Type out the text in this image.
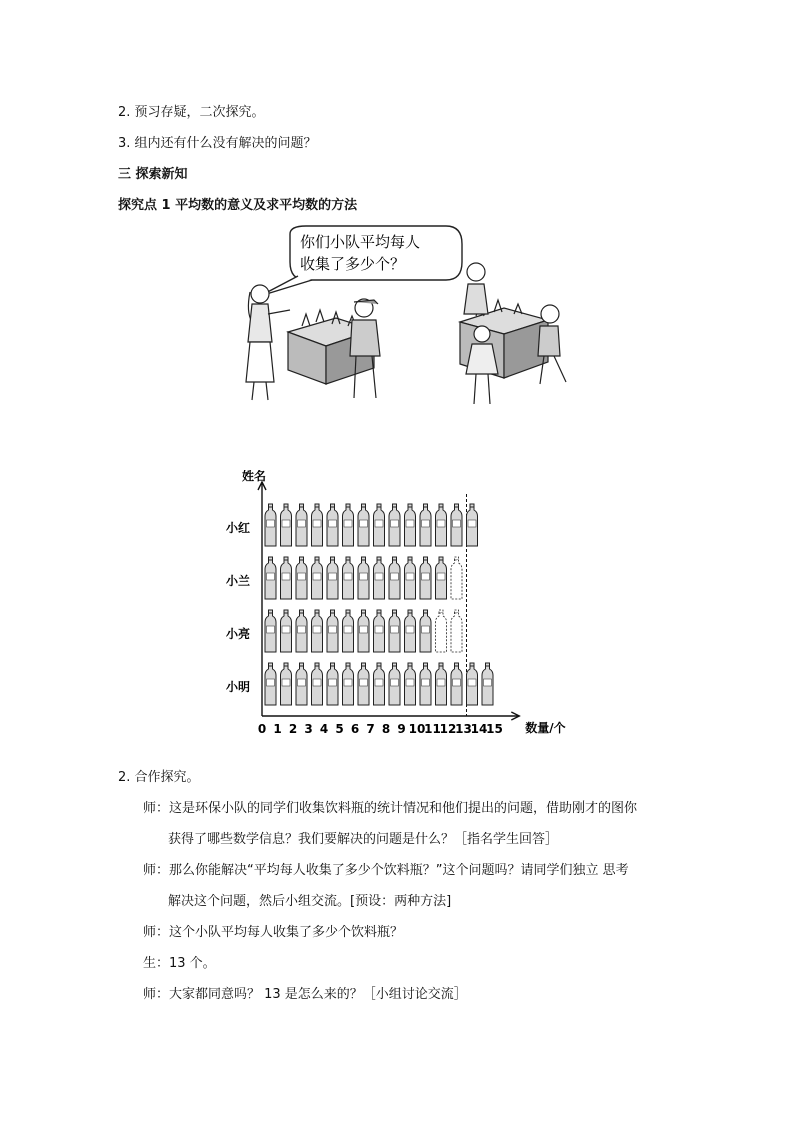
2. 预习存疑，二次探究。
3. 组内还有什么没有解决的问题？
三 探索新知
探究点 1 平均数的意义及求平均数的方法
你们小队平均每人
收集了多少个？
姓名
数量/个
0 1 2 3 4 5 6 7 8 9 10
11
12
13
14
15
小红
小兰
小亮
小明
2. 合作探究。
师：这是环保小队的同学们收集饮料瓶的统计情况和他们提出的问题，借助刚才的图你
获得了哪些数学信息？我们要解决的问题是什么？［指名学生回答］
师：那么你能解决“平均每人收集了多少个饮料瓶？”这个问题吗？请同学们独立 思考
解决这个问题，然后小组交流。[预设：两种方法]
师：这个小队平均每人收集了多少个饮料瓶？
生：13 个。
师：大家都同意吗？ 13 是怎么来的？［小组讨论交流］
